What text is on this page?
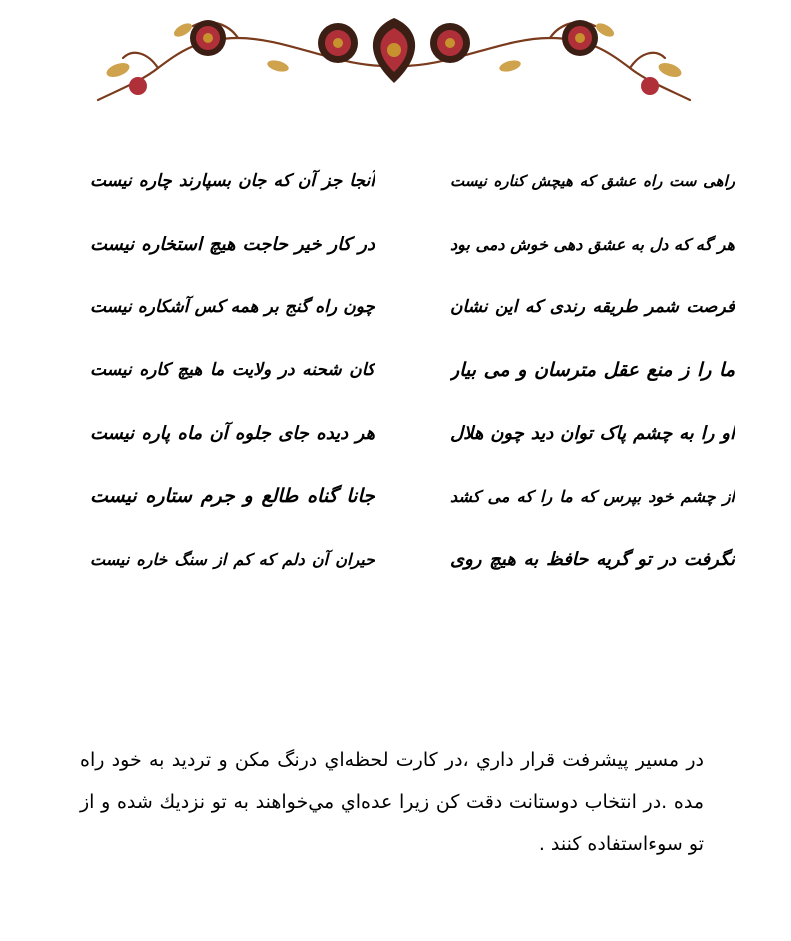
راهی ست راه عشق که هیچش کناره نیست
هر گه که دل به عشق دهی خوش دمی بود
فرصت شمر طریقه رندی که این نشان
ما را ز منع عقل مترسان و می بیار
او را به چشم پاک توان دید چون هلال
از چشم خود بپرس که ما را که می کشد
نگرفت در تو گریه حافظ به هیچ روی
آنجا جز آن که جان بسپارند چاره نیست
در کار خیر حاجت هیچ استخاره نیست
چون راه گنج بر همه کس آشکاره نیست
کان شحنه در ولایت ما هیچ کاره نیست
هر دیده جای جلوه آن ماه پاره نیست
جانا گناه طالع و جرم ستاره نیست
حیران آن دلم که کم از سنگ خاره نیست

در مسير پيشرفت قرار داري ،در كارت لحظه‌اي درنگ مكن و ترديد به خود راه مده .در انتخاب دوستانت دقت كن زيرا عده‌اي مي‌خواهند به تو نزديك شده و از تو سوءاستفاده كنند .
